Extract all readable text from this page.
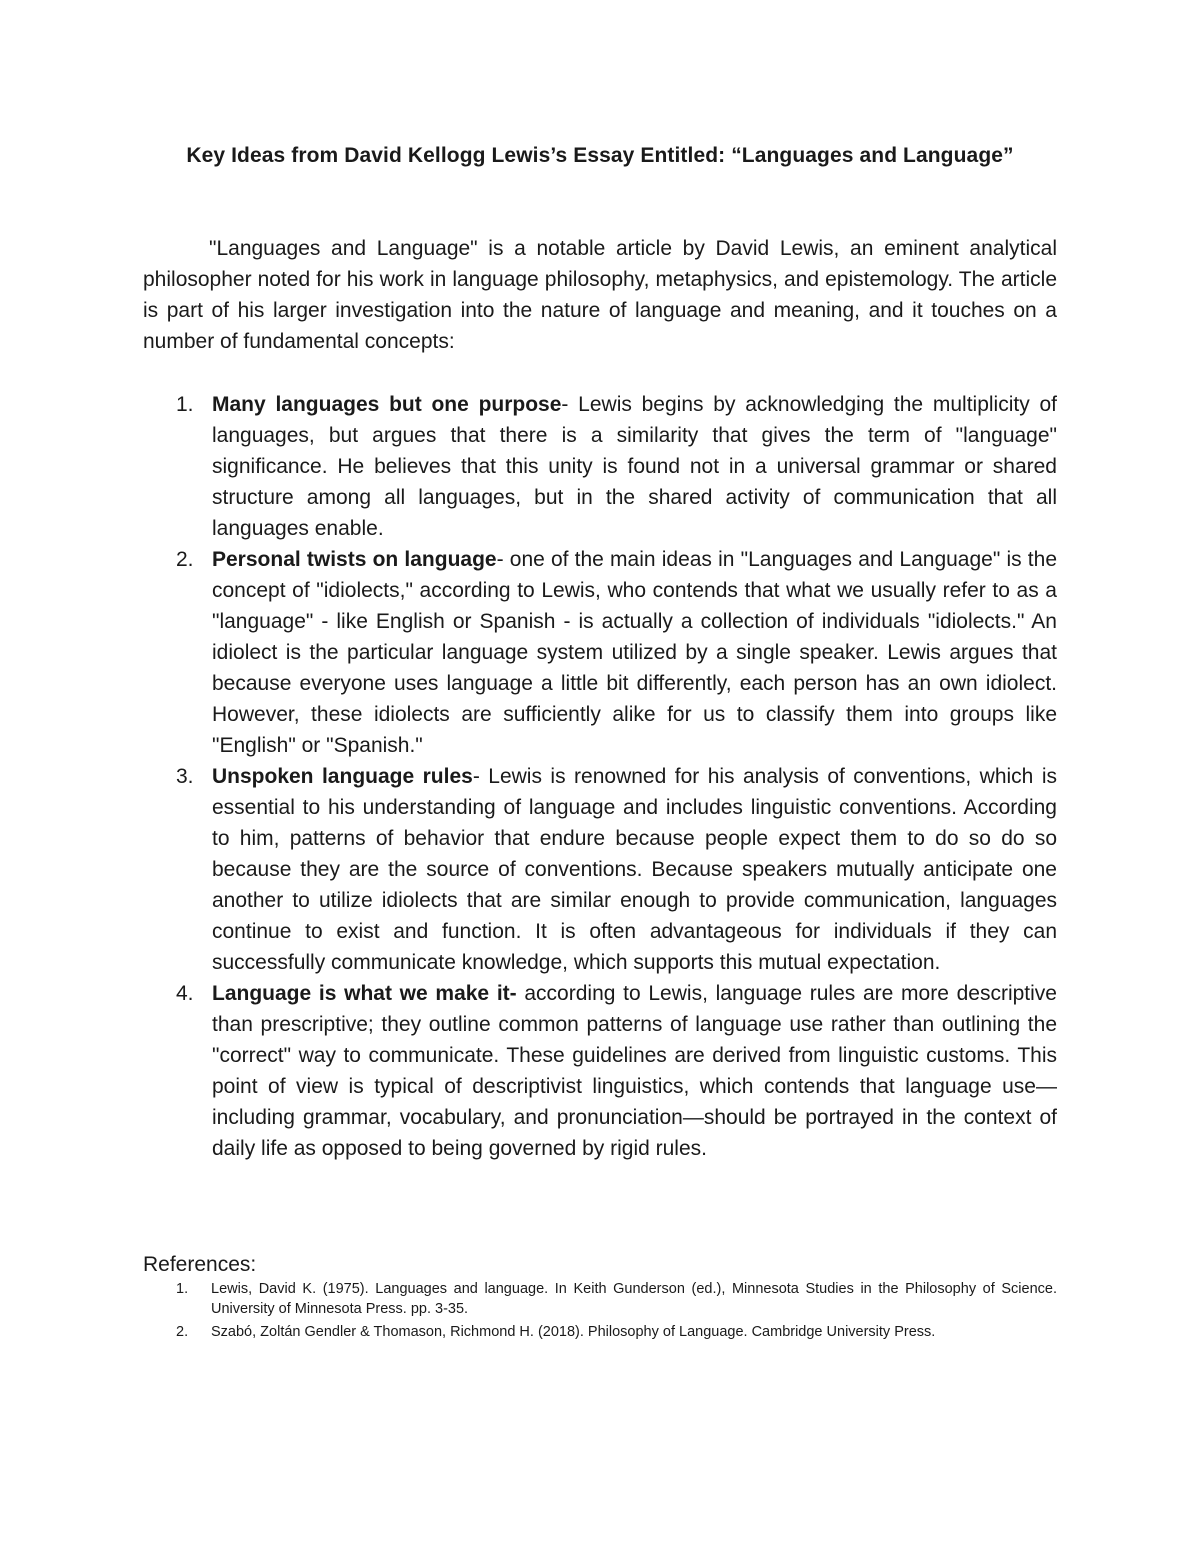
Key Ideas from David Kellogg Lewis’s Essay Entitled: “Languages and Language”

"Languages and Language" is a notable article by David Lewis, an eminent analytical philosopher noted for his work in language philosophy, metaphysics, and epistemology. The article is part of his larger investigation into the nature of language and meaning, and it touches on a number of fundamental concepts:

1. Many languages but one purpose- Lewis begins by acknowledging the multiplicity of languages, but argues that there is a similarity that gives the term of "language" significance. He believes that this unity is found not in a universal grammar or shared structure among all languages, but in the shared activity of communication that all languages enable.
2. Personal twists on language- one of the main ideas in "Languages and Language" is the concept of "idiolects," according to Lewis, who contends that what we usually refer to as a "language" - like English or Spanish - is actually a collection of individuals "idiolects." An idiolect is the particular language system utilized by a single speaker. Lewis argues that because everyone uses language a little bit differently, each person has an own idiolect. However, these idiolects are sufficiently alike for us to classify them into groups like "English" or "Spanish."
3. Unspoken language rules- Lewis is renowned for his analysis of conventions, which is essential to his understanding of language and includes linguistic conventions. According to him, patterns of behavior that endure because people expect them to do so do so because they are the source of conventions. Because speakers mutually anticipate one another to utilize idiolects that are similar enough to provide communication, languages continue to exist and function. It is often advantageous for individuals if they can successfully communicate knowledge, which supports this mutual expectation.
4. Language is what we make it- according to Lewis, language rules are more descriptive than prescriptive; they outline common patterns of language use rather than outlining the "correct" way to communicate. These guidelines are derived from linguistic customs. This point of view is typical of descriptivist linguistics, which contends that language use—including grammar, vocabulary, and pronunciation—should be portrayed in the context of daily life as opposed to being governed by rigid rules.
References:
1. Lewis, David K. (1975). Languages and language. In Keith Gunderson (ed.), Minnesota Studies in the Philosophy of Science. University of Minnesota Press. pp. 3-35.
2. Szabó, Zoltán Gendler & Thomason, Richmond H. (2018). Philosophy of Language. Cambridge University Press.
